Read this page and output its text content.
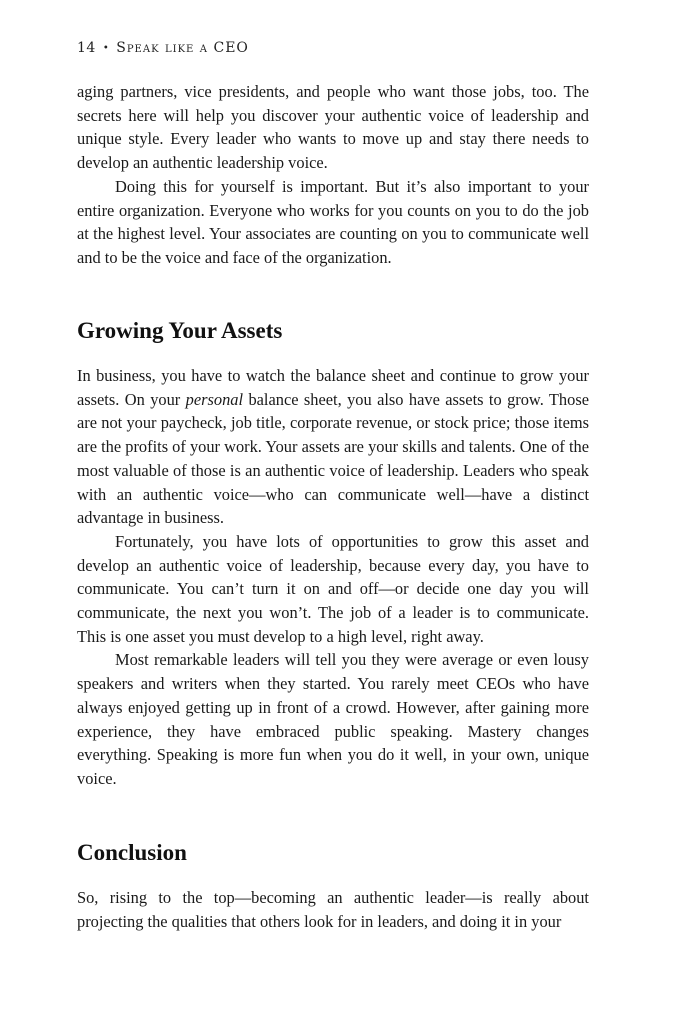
14 • Speak like a CEO

aging partners, vice presidents, and people who want those jobs, too. The secrets here will help you discover your authentic voice of leadership and unique style. Every leader who wants to move up and stay there needs to develop an authentic leadership voice.

Doing this for yourself is important. But it’s also important to your entire organization. Everyone who works for you counts on you to do the job at the highest level. Your associates are counting on you to communicate well and to be the voice and face of the organization.

Growing Your Assets

In business, you have to watch the balance sheet and continue to grow your assets. On your personal balance sheet, you also have assets to grow. Those are not your paycheck, job title, corporate revenue, or stock price; those items are the profits of your work. Your assets are your skills and talents. One of the most valuable of those is an authentic voice of leadership. Leaders who speak with an authentic voice—who can communicate well—have a distinct advantage in business.

Fortunately, you have lots of opportunities to grow this asset and develop an authentic voice of leadership, because every day, you have to communicate. You can’t turn it on and off—or decide one day you will communicate, the next you won’t. The job of a leader is to communicate. This is one asset you must develop to a high level, right away.

Most remarkable leaders will tell you they were average or even lousy speakers and writers when they started. You rarely meet CEOs who have always enjoyed getting up in front of a crowd. However, after gaining more experience, they have embraced public speaking. Mastery changes everything. Speaking is more fun when you do it well, in your own, unique voice.

Conclusion

So, rising to the top—becoming an authentic leader—is really about projecting the qualities that others look for in leaders, and doing it in your
